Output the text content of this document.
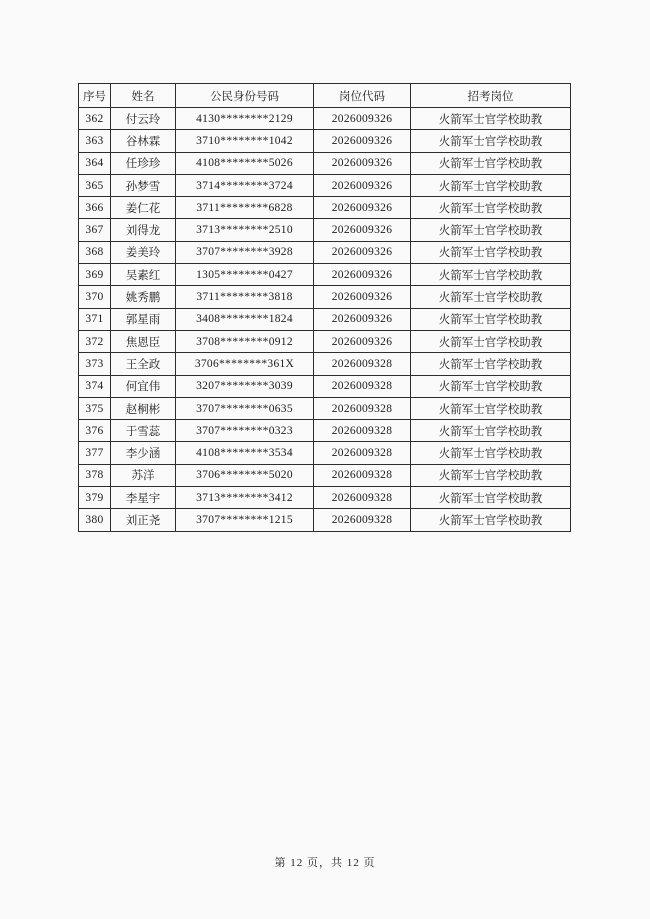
序号	姓名	公民身份号码	岗位代码	招考岗位
362	付云玲	4130********2129	2026009326	火箭军士官学校助教
363	谷林霖	3710********1042	2026009326	火箭军士官学校助教
364	任珍珍	4108********5026	2026009326	火箭军士官学校助教
365	孙梦雪	3714********3724	2026009326	火箭军士官学校助教
366	姜仁花	3711********6828	2026009326	火箭军士官学校助教
367	刘得龙	3713********2510	2026009326	火箭军士官学校助教
368	姜美玲	3707********3928	2026009326	火箭军士官学校助教
369	吴素红	1305********0427	2026009326	火箭军士官学校助教
370	姚秀鹏	3711********3818	2026009326	火箭军士官学校助教
371	郭星雨	3408********1824	2026009326	火箭军士官学校助教
372	焦恩臣	3708********0912	2026009326	火箭军士官学校助教
373	王全政	3706********361X	2026009328	火箭军士官学校助教
374	何宜伟	3207********3039	2026009328	火箭军士官学校助教
375	赵桐彬	3707********0635	2026009328	火箭军士官学校助教
376	于雪蕊	3707********0323	2026009328	火箭军士官学校助教
377	李少涵	4108********3534	2026009328	火箭军士官学校助教
378	苏洋	3706********5020	2026009328	火箭军士官学校助教
379	李星宇	3713********3412	2026009328	火箭军士官学校助教
380	刘正尧	3707********1215	2026009328	火箭军士官学校助教
第 12 页，共 12 页
